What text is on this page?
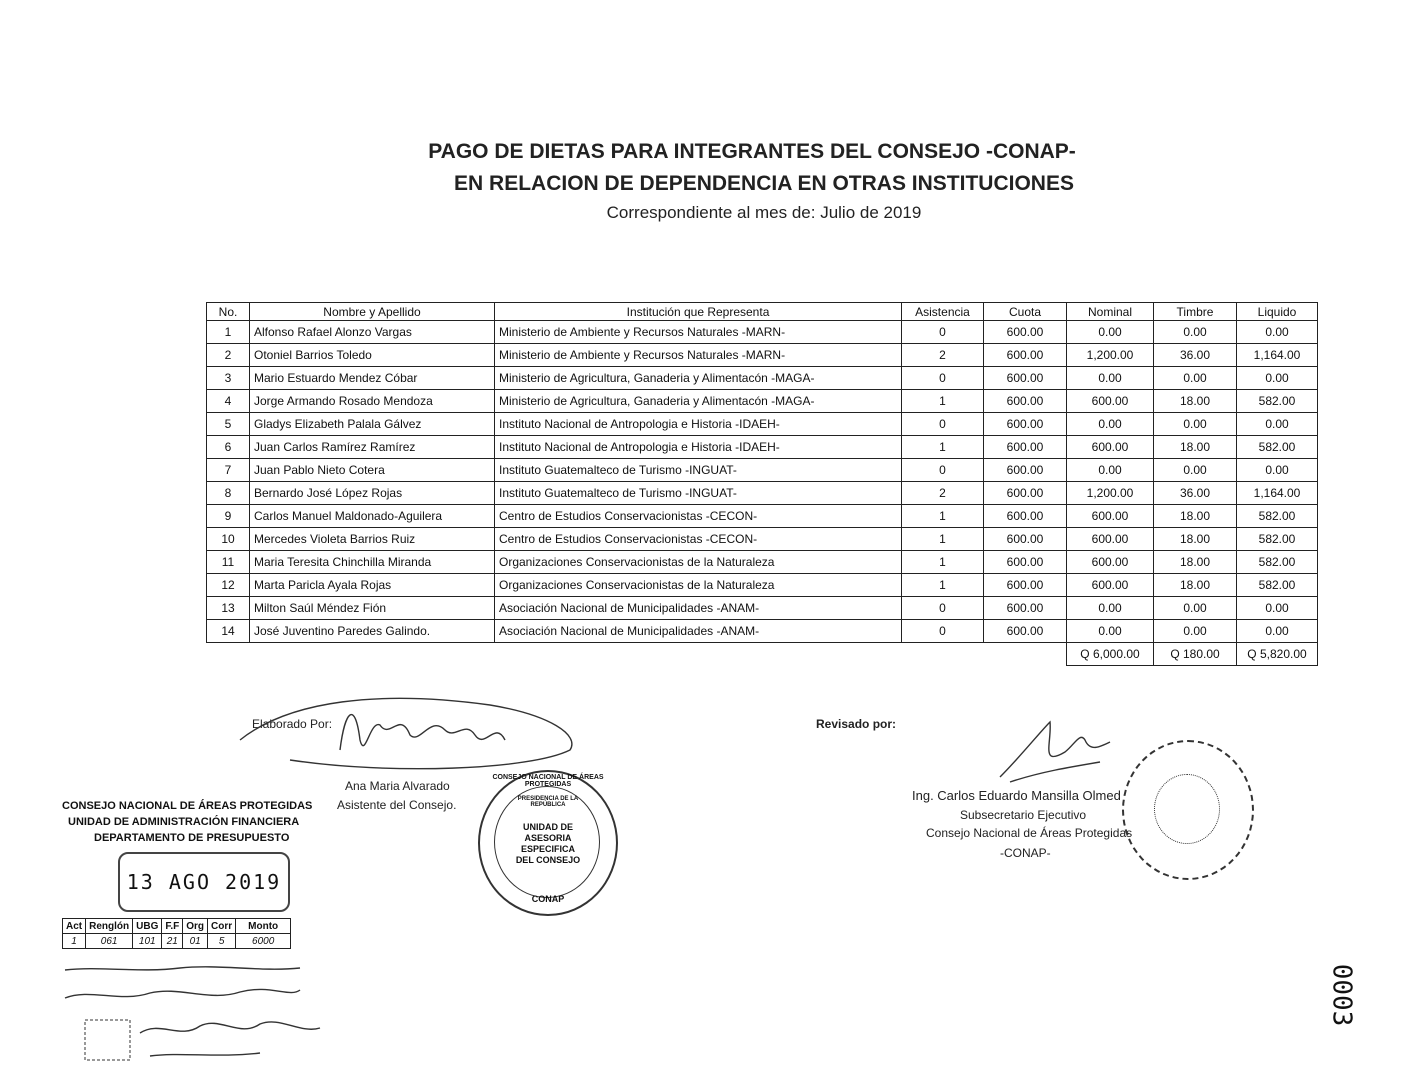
PAGO DE DIETAS PARA INTEGRANTES DEL CONSEJO -CONAP-
EN RELACION DE DEPENDENCIA EN OTRAS INSTITUCIONES
Correspondiente al mes de: Julio de 2019
No.	Nombre y Apellido	Institución que Representa	Asistencia	Cuota	Nominal	Timbre	Liquido
1	Alfonso Rafael Alonzo Vargas	Ministerio de Ambiente y Recursos Naturales -MARN-	0	600.00	0.00	0.00	0.00
2	Otoniel Barrios Toledo	Ministerio de Ambiente y Recursos Naturales -MARN-	2	600.00	1,200.00	36.00	1,164.00
3	Mario Estuardo Mendez Cóbar	Ministerio de Agricultura, Ganaderia y Alimentacón -MAGA-	0	600.00	0.00	0.00	0.00
4	Jorge Armando Rosado Mendoza	Ministerio de Agricultura, Ganaderia y Alimentacón -MAGA-	1	600.00	600.00	18.00	582.00
5	Gladys Elizabeth Palala Gálvez	Instituto Nacional de Antropologia e Historia -IDAEH-	0	600.00	0.00	0.00	0.00
6	Juan Carlos Ramírez Ramírez	Instituto Nacional de Antropologia e Historia -IDAEH-	1	600.00	600.00	18.00	582.00
7	Juan Pablo Nieto Cotera	Instituto Guatemalteco de Turismo -INGUAT-	0	600.00	0.00	0.00	0.00
8	Bernardo José López Rojas	Instituto Guatemalteco de Turismo -INGUAT-	2	600.00	1,200.00	36.00	1,164.00
9	Carlos Manuel Maldonado-Aguilera	Centro de Estudios Conservacionistas -CECON-	1	600.00	600.00	18.00	582.00
10	Mercedes Violeta Barrios Ruiz	Centro de Estudios Conservacionistas -CECON-	1	600.00	600.00	18.00	582.00
11	Maria Teresita Chinchilla Miranda	Organizaciones Conservacionistas de la Naturaleza	1	600.00	600.00	18.00	582.00
12	Marta Paricla Ayala Rojas	Organizaciones Conservacionistas de la Naturaleza	1	600.00	600.00	18.00	582.00
13	Milton Saúl Méndez Fión	Asociación Nacional de Municipalidades -ANAM-	0	600.00	0.00	0.00	0.00
14	José Juventino Paredes Galindo.	Asociación Nacional de Municipalidades -ANAM-	0	600.00	0.00	0.00	0.00
					Q 6,000.00	Q 180.00	Q 5,820.00
Elaborado Por:
Ana Maria Alvarado
Asistente del Consejo.
CONSEJO NACIONAL DE ÁREAS PROTEGIDAS
UNIDAD DE ADMINISTRACIÓN FINANCIERA
DEPARTAMENTO DE PRESUPUESTO
13 AGO 2019
Act	Renglón	UBG	F.F	Org	Corr	Monto
1	061	101	21	01	5	6000
CONSEJO NACIONAL DE ÁREAS PROTEGIDAS
PRESIDENCIA DE LA REPÚBLICA
UNIDAD DE ASESORIA ESPECIFICA DEL CONSEJO
CONAP
Revisado por:
Ing. Carlos Eduardo Mansilla Olmed
Subsecretario Ejecutivo
Consejo Nacional de Áreas Protegidas
-CONAP-
0003
